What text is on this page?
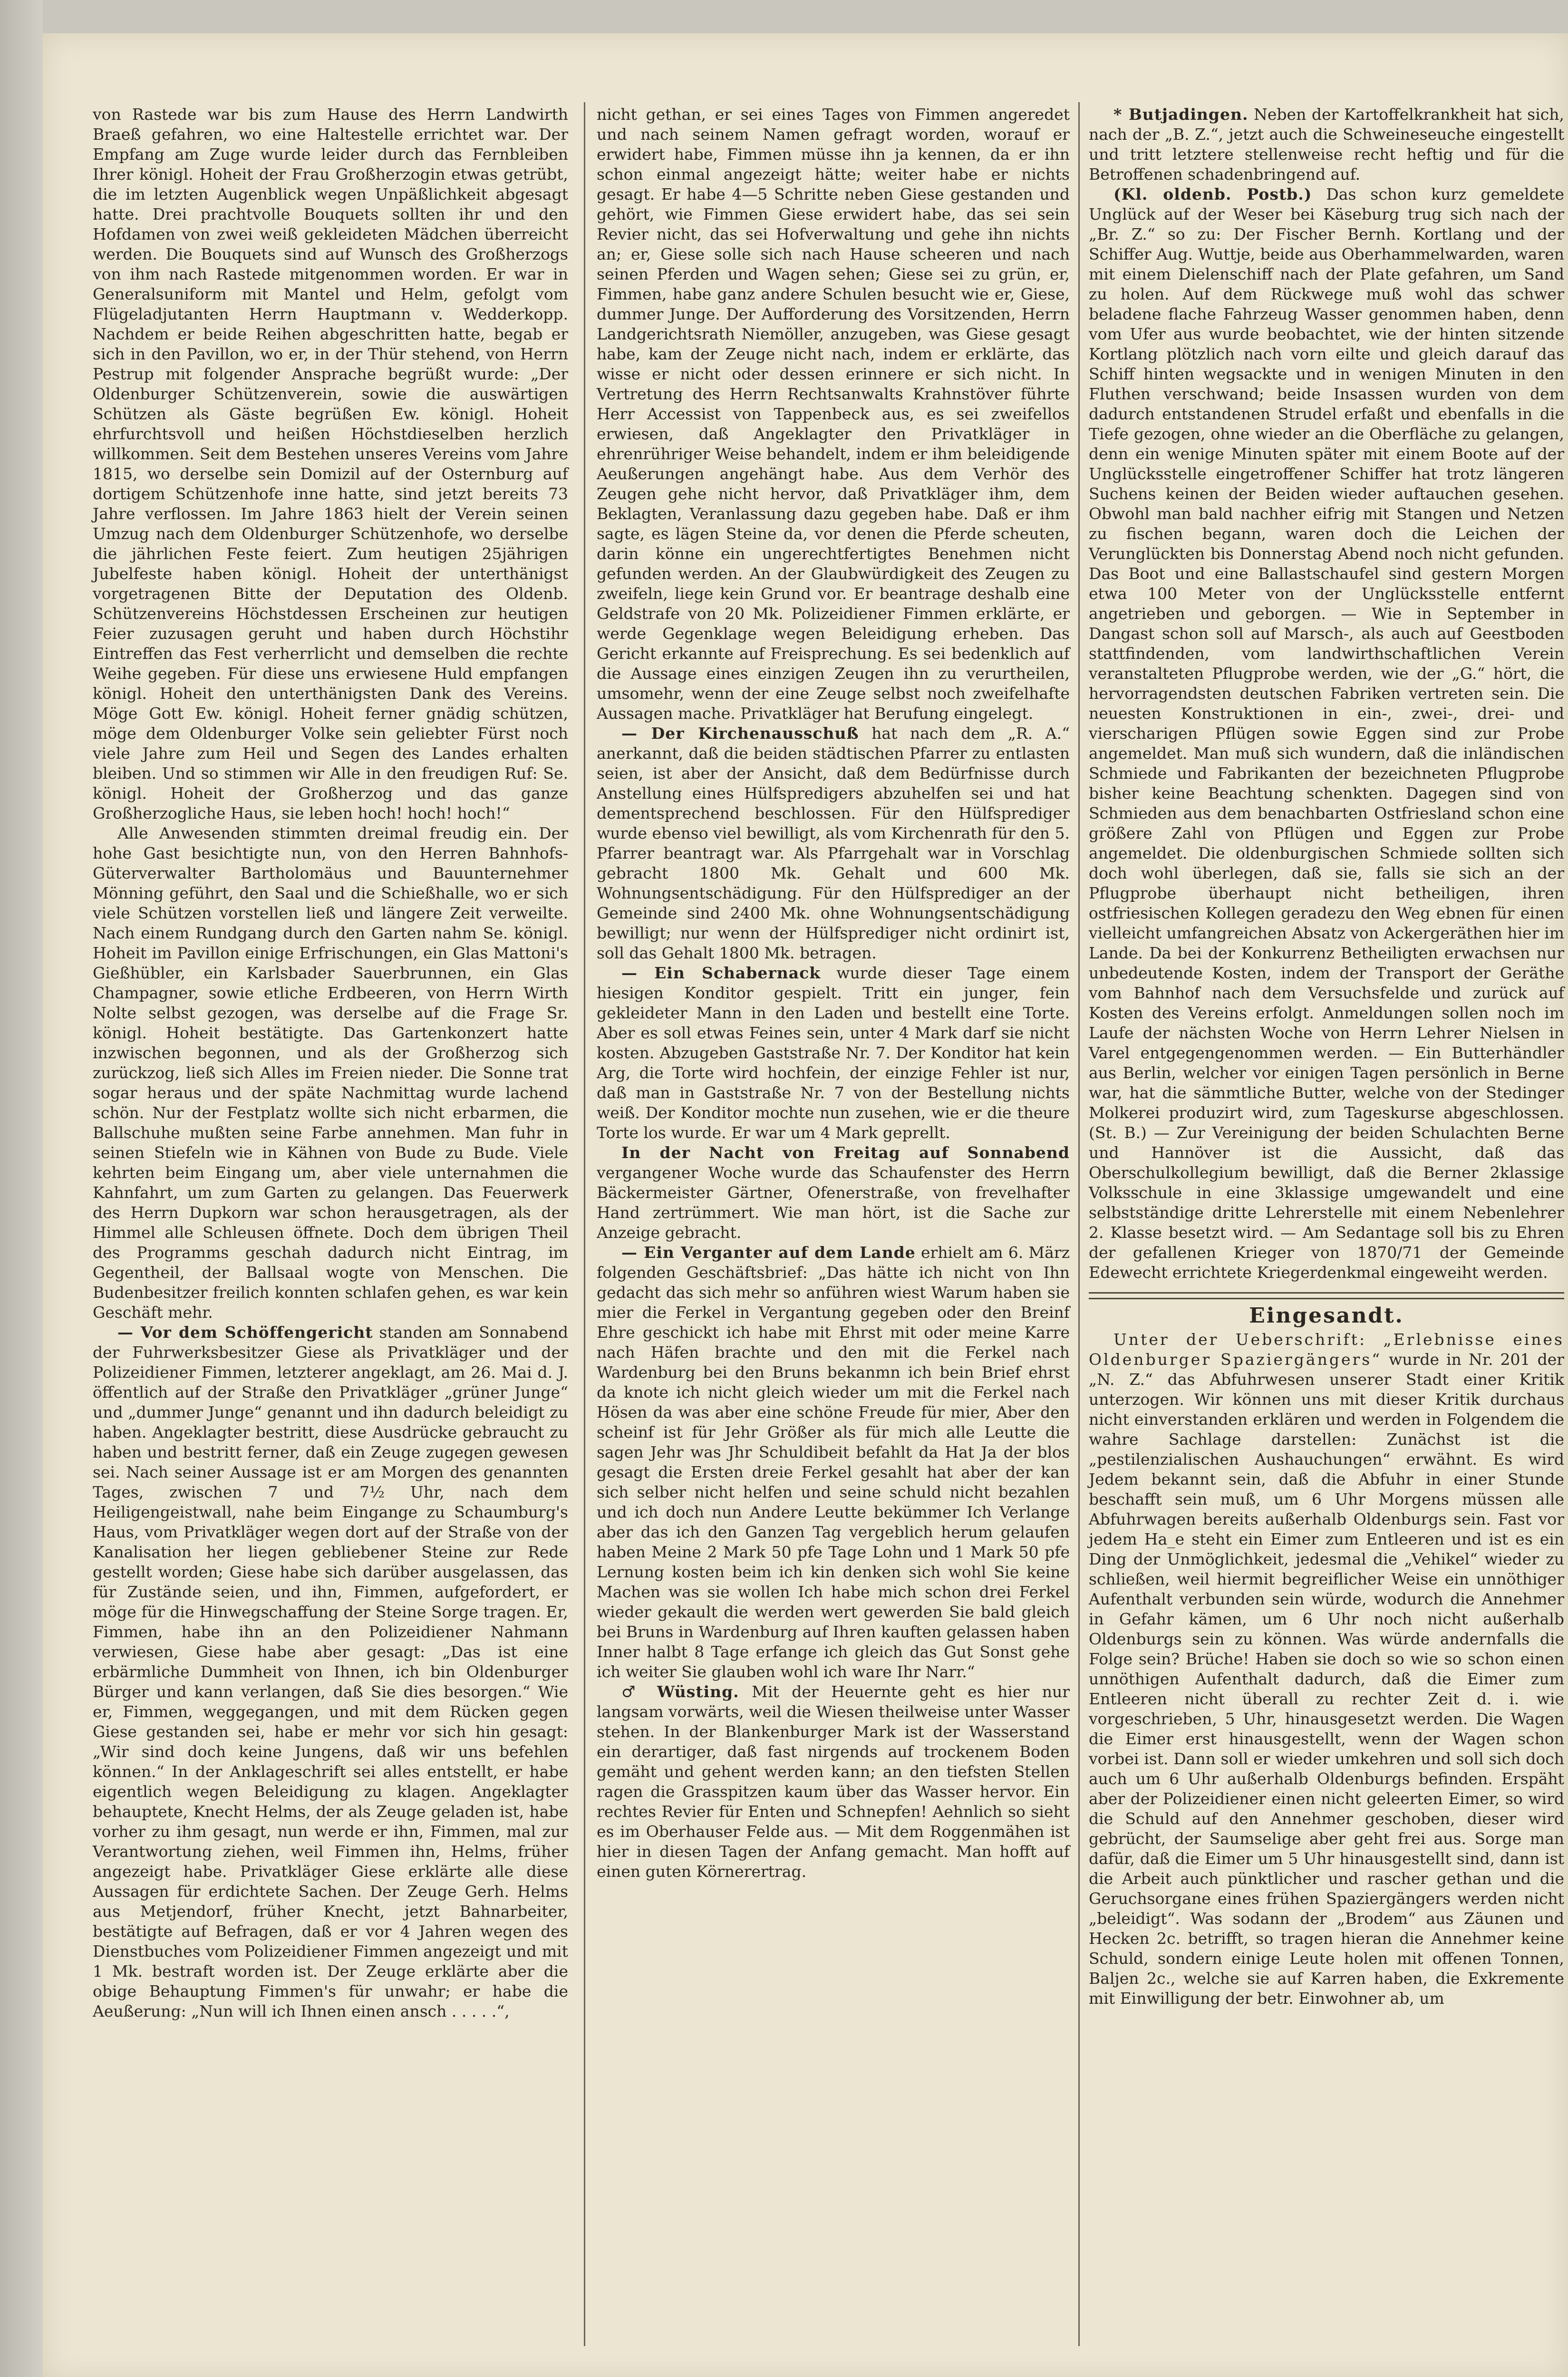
von Rastede war bis zum Hause des Herrn Landwirth Braeß gefahren, wo eine Haltestelle errichtet war. Der Empfang am Zuge wurde leider durch das Fernbleiben Ihrer königl. Hoheit der Frau Großherzogin etwas getrübt, die im letzten Augenblick wegen Unpäßlichkeit abgesagt hatte. Drei prachtvolle Bouquets sollten ihr und den Hofdamen von zwei weiß gekleideten Mädchen überreicht werden. Die Bouquets sind auf Wunsch des Großherzogs von ihm nach Rastede mitgenommen worden. Er war in Generalsuniform mit Mantel und Helm, gefolgt vom Flügeladjutanten Herrn Hauptmann v. Wedderkopp. Nachdem er beide Reihen abgeschritten hatte, begab er sich in den Pavillon, wo er, in der Thür stehend, von Herrn Pestrup mit folgender Ansprache begrüßt wurde: „Der Oldenburger Schützenverein, sowie die auswärtigen Schützen als Gäste begrüßen Ew. königl. Hoheit ehrfurchtsvoll und heißen Höchstdieselben herzlich willkommen. Seit dem Bestehen unseres Vereins vom Jahre 1815, wo derselbe sein Domizil auf der Osternburg auf dortigem Schützenhofe inne hatte, sind jetzt bereits 73 Jahre verflossen. Im Jahre 1863 hielt der Verein seinen Umzug nach dem Oldenburger Schützenhofe, wo derselbe die jährlichen Feste feiert. Zum heutigen 25jährigen Jubelfeste haben königl. Hoheit der unterthänigst vorgetragenen Bitte der Deputation des Oldenb. Schützenvereins Höchstdessen Erscheinen zur heutigen Feier zuzusagen geruht und haben durch Höchstihr Eintreffen das Fest verherrlicht und demselben die rechte Weihe gegeben. Für diese uns erwiesene Huld empfangen königl. Hoheit den unterthänigsten Dank des Vereins. Möge Gott Ew. königl. Hoheit ferner gnädig schützen, möge dem Oldenburger Volke sein geliebter Fürst noch viele Jahre zum Heil und Segen des Landes erhalten bleiben. Und so stimmen wir Alle in den freudigen Ruf: Se. königl. Hoheit der Großherzog und das ganze Großherzogliche Haus, sie leben hoch! hoch! hoch!“

Alle Anwesenden stimmten dreimal freudig ein. Der hohe Gast besichtigte nun, von den Herren Bahnhofs-Güterverwalter Bartholomäus und Bauunternehmer Mönning geführt, den Saal und die Schießhalle, wo er sich viele Schützen vorstellen ließ und längere Zeit verweilte. Nach einem Rundgang durch den Garten nahm Se. königl. Hoheit im Pavillon einige Erfrischungen, ein Glas Mattoni's Gießhübler, ein Karlsbader Sauerbrunnen, ein Glas Champagner, sowie etliche Erdbeeren, von Herrn Wirth Nolte selbst gezogen, was derselbe auf die Frage Sr. königl. Hoheit bestätigte. Das Gartenkonzert hatte inzwischen begonnen, und als der Großherzog sich zurückzog, ließ sich Alles im Freien nieder. Die Sonne trat sogar heraus und der späte Nachmittag wurde lachend schön. Nur der Festplatz wollte sich nicht erbarmen, die Ballschuhe mußten seine Farbe annehmen. Man fuhr in seinen Stiefeln wie in Kähnen von Bude zu Bude. Viele kehrten beim Eingang um, aber viele unternahmen die Kahnfahrt, um zum Garten zu gelangen. Das Feuerwerk des Herrn Dupkorn war schon herausgetragen, als der Himmel alle Schleusen öffnete. Doch dem übrigen Theil des Programms geschah dadurch nicht Eintrag, im Gegentheil, der Ballsaal wogte von Menschen. Die Budenbesitzer freilich konnten schlafen gehen, es war kein Geschäft mehr.

— Vor dem Schöffengericht standen am Sonnabend der Fuhrwerksbesitzer Giese als Privatkläger und der Polizeidiener Fimmen, letzterer angeklagt, am 26. Mai d. J. öffentlich auf der Straße den Privatkläger „grüner Junge“ und „dummer Junge“ genannt und ihn dadurch beleidigt zu haben. Angeklagter bestritt, diese Ausdrücke gebraucht zu haben und bestritt ferner, daß ein Zeuge zugegen gewesen sei. Nach seiner Aussage ist er am Morgen des genannten Tages, zwischen 7 und 7½ Uhr, nach dem Heiligengeistwall, nahe beim Eingange zu Schaumburg's Haus, vom Privatkläger wegen dort auf der Straße von der Kanalisation her liegen gebliebener Steine zur Rede gestellt worden; Giese habe sich darüber ausgelassen, das für Zustände seien, und ihn, Fimmen, aufgefordert, er möge für die Hinwegschaffung der Steine Sorge tragen. Er, Fimmen, habe ihn an den Polizeidiener Nahmann verwiesen, Giese habe aber gesagt: „Das ist eine erbärmliche Dummheit von Ihnen, ich bin Oldenburger Bürger und kann verlangen, daß Sie dies besorgen.“ Wie er, Fimmen, weggegangen, und mit dem Rücken gegen Giese gestanden sei, habe er mehr vor sich hin gesagt: „Wir sind doch keine Jungens, daß wir uns befehlen können.“ In der Anklageschrift sei alles entstellt, er habe eigentlich wegen Beleidigung zu klagen. Angeklagter behauptete, Knecht Helms, der als Zeuge geladen ist, habe vorher zu ihm gesagt, nun werde er ihn, Fimmen, mal zur Verantwortung ziehen, weil Fimmen ihn, Helms, früher angezeigt habe. Privatkläger Giese erklärte alle diese Aussagen für erdichtete Sachen. Der Zeuge Gerh. Helms aus Metjendorf, früher Knecht, jetzt Bahnarbeiter, bestätigte auf Befragen, daß er vor 4 Jahren wegen des Dienstbuches vom Polizeidiener Fimmen angezeigt und mit 1 Mk. bestraft worden ist. Der Zeuge erklärte aber die obige Behauptung Fimmen's für unwahr; er habe die Aeußerung: „Nun will ich Ihnen einen ansch . . . . .“,

nicht gethan, er sei eines Tages von Fimmen angeredet und nach seinem Namen gefragt worden, worauf er erwidert habe, Fimmen müsse ihn ja kennen, da er ihn schon einmal angezeigt hätte; weiter habe er nichts gesagt. Er habe 4—5 Schritte neben Giese gestanden und gehört, wie Fimmen Giese erwidert habe, das sei sein Revier nicht, das sei Hofverwaltung und gehe ihn nichts an; er, Giese solle sich nach Hause scheeren und nach seinen Pferden und Wagen sehen; Giese sei zu grün, er, Fimmen, habe ganz andere Schulen besucht wie er, Giese, dummer Junge. Der Aufforderung des Vorsitzenden, Herrn Landgerichtsrath Niemöller, anzugeben, was Giese gesagt habe, kam der Zeuge nicht nach, indem er erklärte, das wisse er nicht oder dessen erinnere er sich nicht. In Vertretung des Herrn Rechtsanwalts Krahnstöver führte Herr Accessist von Tappenbeck aus, es sei zweifellos erwiesen, daß Angeklagter den Privatkläger in ehrenrühriger Weise behandelt, indem er ihm beleidigende Aeußerungen angehängt habe. Aus dem Verhör des Zeugen gehe nicht hervor, daß Privatkläger ihm, dem Beklagten, Veranlassung dazu gegeben habe. Daß er ihm sagte, es lägen Steine da, vor denen die Pferde scheuten, darin könne ein ungerechtfertigtes Benehmen nicht gefunden werden. An der Glaubwürdigkeit des Zeugen zu zweifeln, liege kein Grund vor. Er beantrage deshalb eine Geldstrafe von 20 Mk. Polizeidiener Fimmen erklärte, er werde Gegenklage wegen Beleidigung erheben. Das Gericht erkannte auf Freisprechung. Es sei bedenklich auf die Aussage eines einzigen Zeugen ihn zu verurtheilen, umsomehr, wenn der eine Zeuge selbst noch zweifelhafte Aussagen mache. Privatkläger hat Berufung eingelegt.

— Der Kirchenausschuß hat nach dem „R. A.“ anerkannt, daß die beiden städtischen Pfarrer zu entlasten seien, ist aber der Ansicht, daß dem Bedürfnisse durch Anstellung eines Hülfspredigers abzuhelfen sei und hat dementsprechend beschlossen. Für den Hülfsprediger wurde ebenso viel bewilligt, als vom Kirchenrath für den 5. Pfarrer beantragt war. Als Pfarrgehalt war in Vorschlag gebracht 1800 Mk. Gehalt und 600 Mk. Wohnungsentschädigung. Für den Hülfsprediger an der Gemeinde sind 2400 Mk. ohne Wohnungsentschädigung bewilligt; nur wenn der Hülfsprediger nicht ordinirt ist, soll das Gehalt 1800 Mk. betragen.

— Ein Schabernack wurde dieser Tage einem hiesigen Konditor gespielt. Tritt ein junger, fein gekleideter Mann in den Laden und bestellt eine Torte. Aber es soll etwas Feines sein, unter 4 Mark darf sie nicht kosten. Abzugeben Gaststraße Nr. 7. Der Konditor hat kein Arg, die Torte wird hochfein, der einzige Fehler ist nur, daß man in Gaststraße Nr. 7 von der Bestellung nichts weiß. Der Konditor mochte nun zusehen, wie er die theure Torte los wurde. Er war um 4 Mark geprellt.

In der Nacht von Freitag auf Sonnabend vergangener Woche wurde das Schaufenster des Herrn Bäckermeister Gärtner, Ofenerstraße, von frevelhafter Hand zertrümmert. Wie man hört, ist die Sache zur Anzeige gebracht.

— Ein Verganter auf dem Lande erhielt am 6. März folgenden Geschäftsbrief: „Das hätte ich nicht von Ihn gedacht das sich mehr so anführen wiest Warum haben sie mier die Ferkel in Vergantung gegeben oder den Breinf Ehre geschickt ich habe mit Ehrst mit oder meine Karre nach Häfen brachte und den mit die Ferkel nach Wardenburg bei den Bruns bekanmn ich bein Brief ehrst da knote ich nicht gleich wieder um mit die Ferkel nach Hösen da was aber eine schöne Freude für mier, Aber den scheinf ist für Jehr Größer als für mich alle Leutte die sagen Jehr was Jhr Schuldibeit befahlt da Hat Ja der blos gesagt die Ersten dreie Ferkel gesahlt hat aber der kan sich selber nicht helfen und seine schuld nicht bezahlen und ich doch nun Andere Leutte bekümmer Ich Verlange aber das ich den Ganzen Tag vergeblich herum gelaufen haben Meine 2 Mark 50 pfe Tage Lohn und 1 Mark 50 pfe Lernung kosten beim ich kin denken sich wohl Sie keine Machen was sie wollen Ich habe mich schon drei Ferkel wieder gekault die werden wert gewerden Sie bald gleich bei Bruns in Wardenburg auf Ihren kauften gelassen haben Inner halbt 8 Tage erfange ich gleich das Gut Sonst gehe ich weiter Sie glauben wohl ich ware Ihr Narr.“

♂ Wüsting. Mit der Heuernte geht es hier nur langsam vorwärts, weil die Wiesen theilweise unter Wasser stehen. In der Blankenburger Mark ist der Wasserstand ein derartiger, daß fast nirgends auf trockenem Boden gemäht und gehent werden kann; an den tiefsten Stellen ragen die Grasspitzen kaum über das Wasser hervor. Ein rechtes Revier für Enten und Schnepfen! Aehnlich so sieht es im Oberhauser Felde aus. — Mit dem Roggenmähen ist hier in diesen Tagen der Anfang gemacht. Man hofft auf einen guten Körnerertrag.

* Butjadingen. Neben der Kartoffelkrankheit hat sich, nach der „B. Z.“, jetzt auch die Schweineseuche eingestellt und tritt letztere stellenweise recht heftig und für die Betroffenen schadenbringend auf.

(Kl. oldenb. Postb.) Das schon kurz gemeldete Unglück auf der Weser bei Käseburg trug sich nach der „Br. Z.“ so zu: Der Fischer Bernh. Kortlang und der Schiffer Aug. Wuttje, beide aus Oberhammelwarden, waren mit einem Dielenschiff nach der Plate gefahren, um Sand zu holen. Auf dem Rückwege muß wohl das schwer beladene flache Fahrzeug Wasser genommen haben, denn vom Ufer aus wurde beobachtet, wie der hinten sitzende Kortlang plötzlich nach vorn eilte und gleich darauf das Schiff hinten wegsackte und in wenigen Minuten in den Fluthen verschwand; beide Insassen wurden von dem dadurch entstandenen Strudel erfaßt und ebenfalls in die Tiefe gezogen, ohne wieder an die Oberfläche zu gelangen, denn ein wenige Minuten später mit einem Boote auf der Unglücksstelle eingetroffener Schiffer hat trotz längeren Suchens keinen der Beiden wieder auftauchen gesehen. Obwohl man bald nachher eifrig mit Stangen und Netzen zu fischen begann, waren doch die Leichen der Verunglückten bis Donnerstag Abend noch nicht gefunden. Das Boot und eine Ballastschaufel sind gestern Morgen etwa 100 Meter von der Unglücksstelle entfernt angetrieben und geborgen. — Wie in September in Dangast schon soll auf Marsch-, als auch auf Geestboden stattfindenden, vom landwirthschaftlichen Verein veranstalteten Pflugprobe werden, wie der „G.“ hört, die hervorragendsten deutschen Fabriken vertreten sein. Die neuesten Konstruktionen in ein-, zwei-, drei- und vierscharigen Pflügen sowie Eggen sind zur Probe angemeldet. Man muß sich wundern, daß die inländischen Schmiede und Fabrikanten der bezeichneten Pflugprobe bisher keine Beachtung schenkten. Dagegen sind von Schmieden aus dem benachbarten Ostfriesland schon eine größere Zahl von Pflügen und Eggen zur Probe angemeldet. Die oldenburgischen Schmiede sollten sich doch wohl überlegen, daß sie, falls sie sich an der Pflugprobe überhaupt nicht betheiligen, ihren ostfriesischen Kollegen geradezu den Weg ebnen für einen vielleicht umfangreichen Absatz von Ackergeräthen hier im Lande. Da bei der Konkurrenz Betheiligten erwachsen nur unbedeutende Kosten, indem der Transport der Geräthe vom Bahnhof nach dem Versuchsfelde und zurück auf Kosten des Vereins erfolgt. Anmeldungen sollen noch im Laufe der nächsten Woche von Herrn Lehrer Nielsen in Varel entgegengenommen werden. — Ein Butterhändler aus Berlin, welcher vor einigen Tagen persönlich in Berne war, hat die sämmtliche Butter, welche von der Stedinger Molkerei produzirt wird, zum Tageskurse abgeschlossen. (St. B.) — Zur Vereinigung der beiden Schulachten Berne und Hannöver ist die Aussicht, daß das Oberschulkollegium bewilligt, daß die Berner 2klassige Volksschule in eine 3klassige umgewandelt und eine selbstständige dritte Lehrerstelle mit einem Nebenlehrer 2. Klasse besetzt wird. — Am Sedantage soll bis zu Ehren der gefallenen Krieger von 1870/71 der Gemeinde Edewecht errichtete Kriegerdenkmal eingeweiht werden.

Eingesandt.

Unter der Ueberschrift: „Erlebnisse eines Oldenburger Spaziergängers“ wurde in Nr. 201 der „N. Z.“ das Abfuhrwesen unserer Stadt einer Kritik unterzogen. Wir können uns mit dieser Kritik durchaus nicht einverstanden erklären und werden in Folgendem die wahre Sachlage darstellen: Zunächst ist die „pestilenzialischen Aushauchungen“ erwähnt. Es wird Jedem bekannt sein, daß die Abfuhr in einer Stunde beschafft sein muß, um 6 Uhr Morgens müssen alle Abfuhrwagen bereits außerhalb Oldenburgs sein. Fast vor jedem Ha_e steht ein Eimer zum Entleeren und ist es ein Ding der Unmöglichkeit, jedesmal die „Vehikel“ wieder zu schließen, weil hiermit begreiflicher Weise ein unnöthiger Aufenthalt verbunden sein würde, wodurch die Annehmer in Gefahr kämen, um 6 Uhr noch nicht außerhalb Oldenburgs sein zu können. Was würde andernfalls die Folge sein? Brüche! Haben sie doch so wie so schon einen unnöthigen Aufenthalt dadurch, daß die Eimer zum Entleeren nicht überall zu rechter Zeit d. i. wie vorgeschrieben, 5 Uhr, hinausgesetzt werden. Die Wagen die Eimer erst hinausgestellt, wenn der Wagen schon vorbei ist. Dann soll er wieder umkehren und soll sich doch auch um 6 Uhr außerhalb Oldenburgs befinden. Erspäht aber der Polizeidiener einen nicht geleerten Eimer, so wird die Schuld auf den Annehmer geschoben, dieser wird gebrücht, der Saumselige aber geht frei aus. Sorge man dafür, daß die Eimer um 5 Uhr hinausgestellt sind, dann ist die Arbeit auch pünktlicher und rascher gethan und die Geruchsorgane eines frühen Spaziergängers werden nicht „beleidigt“. Was sodann der „Brodem“ aus Zäunen und Hecken 2c. betrifft, so tragen hieran die Annehmer keine Schuld, sondern einige Leute holen mit offenen Tonnen, Baljen 2c., welche sie auf Karren haben, die Exkremente mit Einwilligung der betr. Einwohner ab, um
